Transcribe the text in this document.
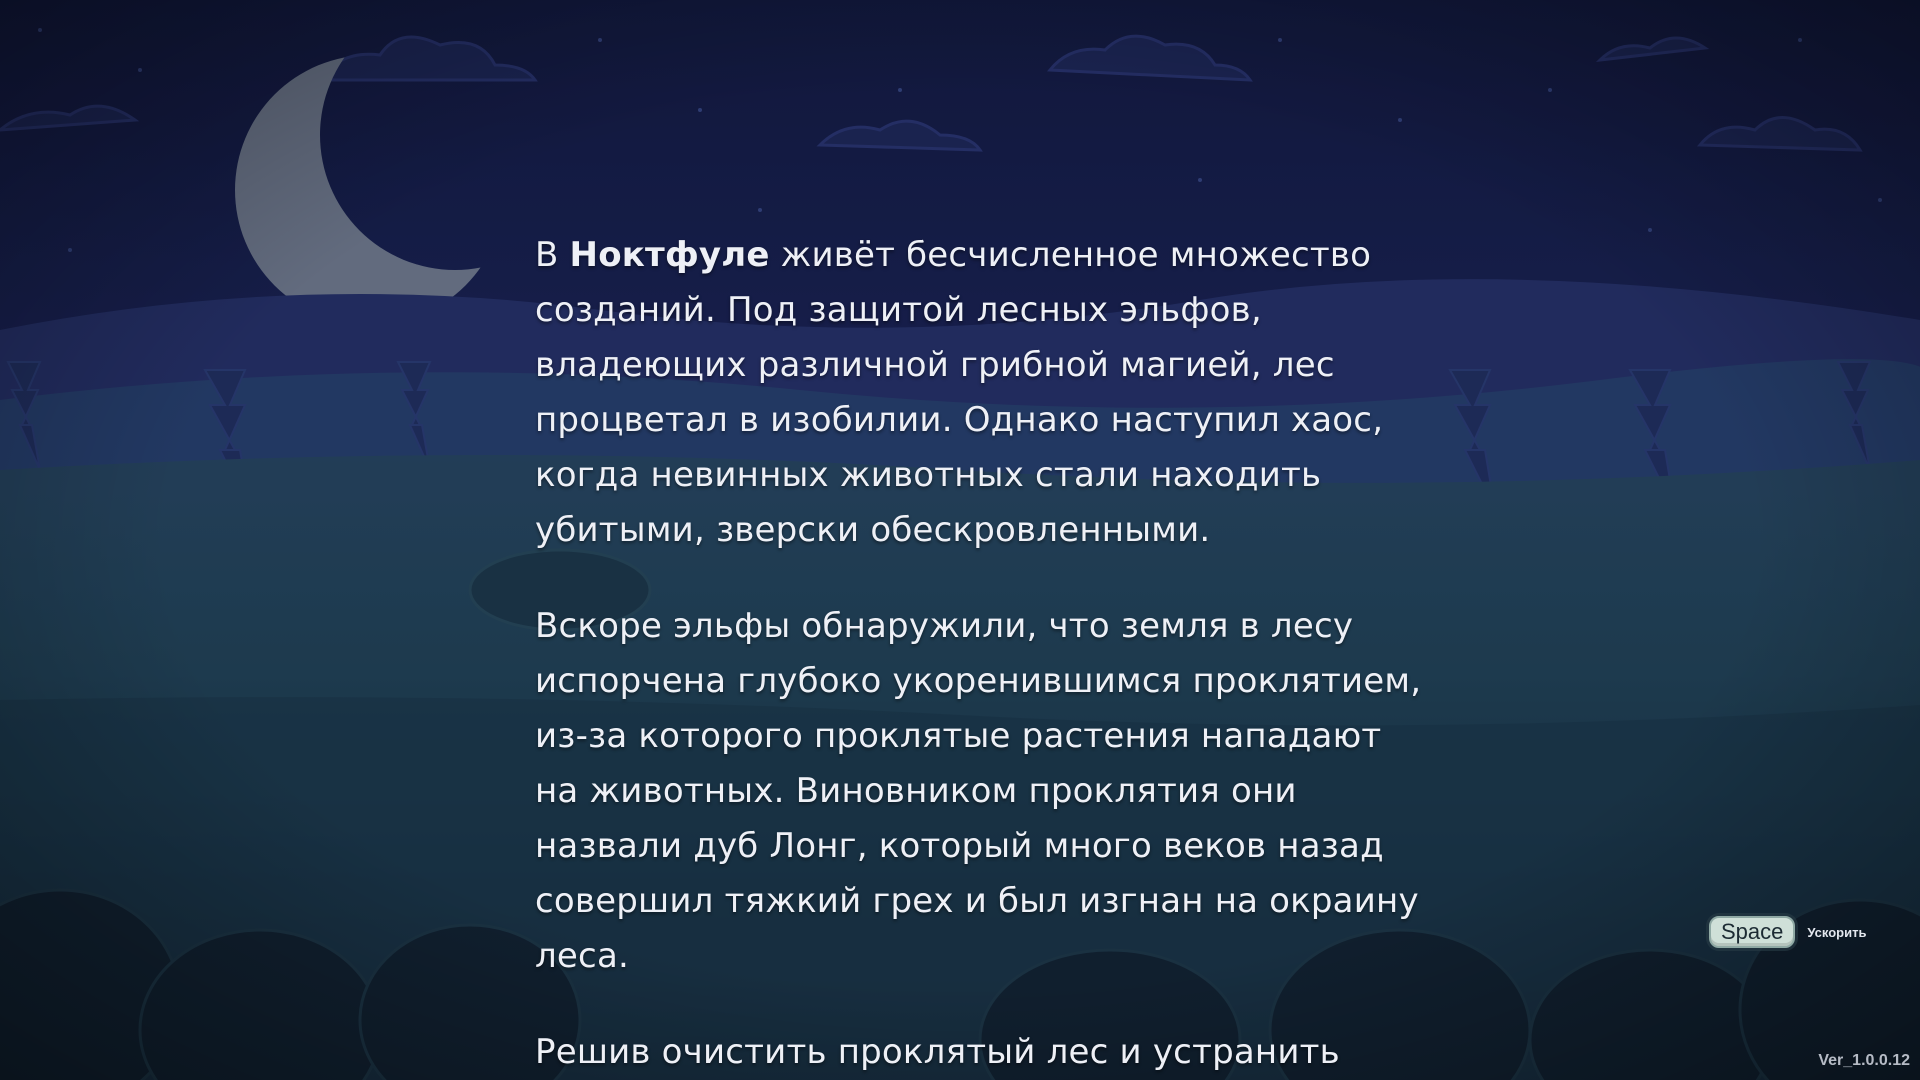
В Ноктфуле живёт бесчисленное множество
созданий. Под защитой лесных эльфов,
владеющих различной грибной магией, лес
процветал в изобилии. Однако наступил хаос,
когда невинных животных стали находить
убитыми, зверски обескровленными.

Вскоре эльфы обнаружили, что земля в лесу
испорчена глубоко укоренившимся проклятием,
из-за которого проклятые растения нападают
на животных. Виновником проклятия они
назвали дуб Лонг, который много веков назад
совершил тяжкий грех и был изгнан на окраину
леса.

Решив очистить проклятый лес и устранить

Space	Ускорить
Ver_1.0.0.12
